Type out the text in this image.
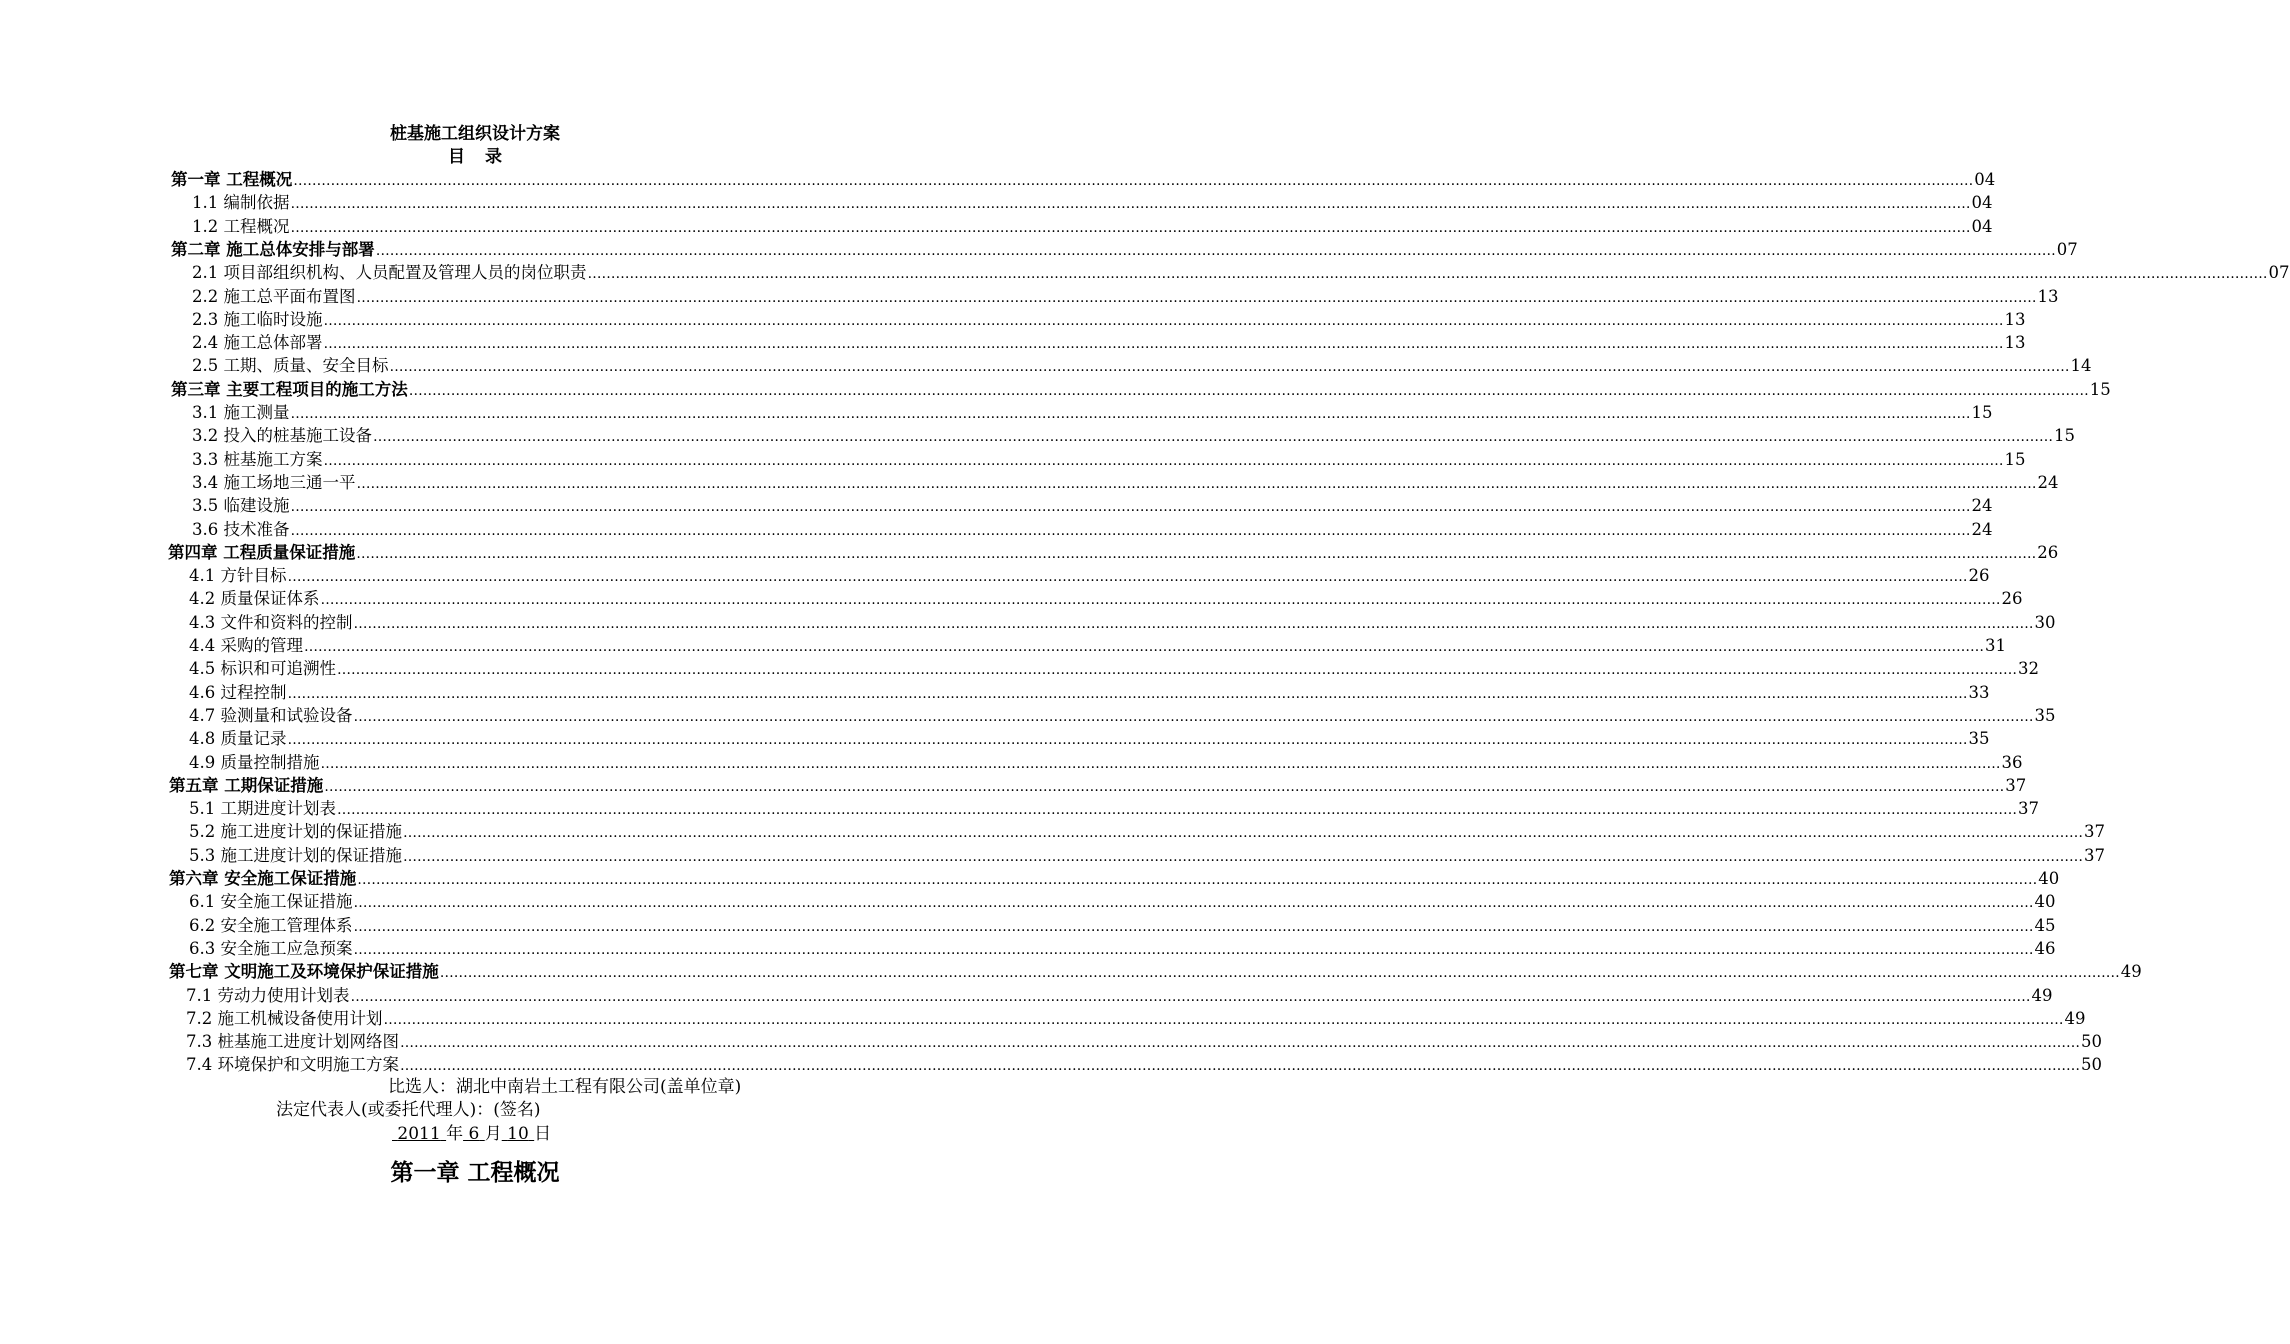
桩基施工组织设计方案
目 录
第一章 工程概况 ……………………………………………………………………………………………………………………………………………………………………………………………………………………………………………………………………………………………………………………………… 04
1.1 编制依据 ……………………………………………………………………………………………………………………………………………………………………………………………………………………………………………………………………………………………………………………………… 04
1.2 工程概况 ……………………………………………………………………………………………………………………………………………………………………………………………………………………………………………………………………………………………………………………………… 04
第二章 施工总体安排与部署 ……………………………………………………………………………………………………………………………………………………………………………………………………………………………………………………………………………………………………………………………… 07
2.1 项目部组织机构、人员配置及管理人员的岗位职责 ……………………………………………………………………………………………………………………………………………………………………………………………………………………………………………………………………………………………………………………………… 07
2.2 施工总平面布置图 ……………………………………………………………………………………………………………………………………………………………………………………………………………………………………………………………………………………………………………………………… 13
2.3 施工临时设施 ……………………………………………………………………………………………………………………………………………………………………………………………………………………………………………………………………………………………………………………………… 13
2.4 施工总体部署 ……………………………………………………………………………………………………………………………………………………………………………………………………………………………………………………………………………………………………………………………… 13
2.5 工期、质量、安全目标 ……………………………………………………………………………………………………………………………………………………………………………………………………………………………………………………………………………………………………………………………… 14
第三章 主要工程项目的施工方法 ……………………………………………………………………………………………………………………………………………………………………………………………………………………………………………………………………………………………………………………………… 15
3.1 施工测量 ……………………………………………………………………………………………………………………………………………………………………………………………………………………………………………………………………………………………………………………………… 15
3.2 投入的桩基施工设备 ……………………………………………………………………………………………………………………………………………………………………………………………………………………………………………………………………………………………………………………………… 15
3.3 桩基施工方案 ……………………………………………………………………………………………………………………………………………………………………………………………………………………………………………………………………………………………………………………………… 15
3.4 施工场地三通一平 ……………………………………………………………………………………………………………………………………………………………………………………………………………………………………………………………………………………………………………………………… 24
3.5 临建设施 ……………………………………………………………………………………………………………………………………………………………………………………………………………………………………………………………………………………………………………………………… 24
3.6 技术准备 ……………………………………………………………………………………………………………………………………………………………………………………………………………………………………………………………………………………………………………………………… 24
第四章 工程质量保证措施 ……………………………………………………………………………………………………………………………………………………………………………………………………………………………………………………………………………………………………………………………… 26
4.1 方针目标 ……………………………………………………………………………………………………………………………………………………………………………………………………………………………………………………………………………………………………………………………… 26
4.2 质量保证体系 ……………………………………………………………………………………………………………………………………………………………………………………………………………………………………………………………………………………………………………………………… 26
4.3 文件和资料的控制 ……………………………………………………………………………………………………………………………………………………………………………………………………………………………………………………………………………………………………………………………… 30
4.4 采购的管理 ……………………………………………………………………………………………………………………………………………………………………………………………………………………………………………………………………………………………………………………………… 31
4.5 标识和可追溯性 ……………………………………………………………………………………………………………………………………………………………………………………………………………………………………………………………………………………………………………………………… 32
4.6 过程控制 ……………………………………………………………………………………………………………………………………………………………………………………………………………………………………………………………………………………………………………………………… 33
4.7 验测量和试验设备 ……………………………………………………………………………………………………………………………………………………………………………………………………………………………………………………………………………………………………………………………… 35
4.8 质量记录 ……………………………………………………………………………………………………………………………………………………………………………………………………………………………………………………………………………………………………………………………… 35
4.9 质量控制措施 ……………………………………………………………………………………………………………………………………………………………………………………………………………………………………………………………………………………………………………………………… 36
第五章 工期保证措施 ……………………………………………………………………………………………………………………………………………………………………………………………………………………………………………………………………………………………………………………………… 37
5.1 工期进度计划表 ……………………………………………………………………………………………………………………………………………………………………………………………………………………………………………………………………………………………………………………………… 37
5.2 施工进度计划的保证措施 ……………………………………………………………………………………………………………………………………………………………………………………………………………………………………………………………………………………………………………………………… 37
5.3 施工进度计划的保证措施 ……………………………………………………………………………………………………………………………………………………………………………………………………………………………………………………………………………………………………………………………… 37
第六章 安全施工保证措施 ……………………………………………………………………………………………………………………………………………………………………………………………………………………………………………………………………………………………………………………………… 40
6.1 安全施工保证措施 ……………………………………………………………………………………………………………………………………………………………………………………………………………………………………………………………………………………………………………………………… 40
6.2 安全施工管理体系 ……………………………………………………………………………………………………………………………………………………………………………………………………………………………………………………………………………………………………………………………… 45
6.3 安全施工应急预案 ……………………………………………………………………………………………………………………………………………………………………………………………………………………………………………………………………………………………………………………………… 46
第七章 文明施工及环境保护保证措施 ……………………………………………………………………………………………………………………………………………………………………………………………………………………………………………………………………………………………………………………………… 49
7.1 劳动力使用计划表 ……………………………………………………………………………………………………………………………………………………………………………………………………………………………………………………………………………………………………………………………… 49
7.2 施工机械设备使用计划 ……………………………………………………………………………………………………………………………………………………………………………………………………………………………………………………………………………………………………………………………… 49
7.3 桩基施工进度计划网络图 ……………………………………………………………………………………………………………………………………………………………………………………………………………………………………………………………………………………………………………………………… 50
7.4 环境保护和文明施工方案 ……………………………………………………………………………………………………………………………………………………………………………………………………………………………………………………………………………………………………………………………… 50
比选人：湖北中南岩土工程有限公司(盖单位章)
法定代表人(或委托代理人)：(签名)
2011 年 6 月 10 日
第一章 工程概况
